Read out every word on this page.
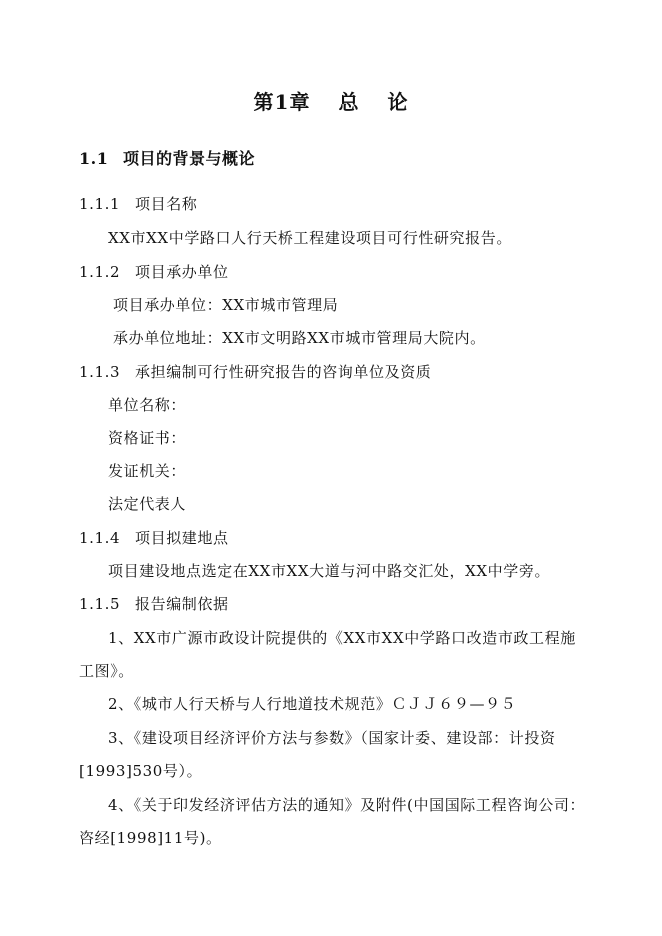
第1章 总 论
1.1 项目的背景与概论
1.1.1 项目名称
XX市XX中学路口人行天桥工程建设项目可行性研究报告。
1.1.2 项目承办单位
项目承办单位：XX市城市管理局
承办单位地址：XX市文明路XX市城市管理局大院内。
1.1.3 承担编制可行性研究报告的咨询单位及资质
单位名称：
资格证书：
发证机关：
法定代表人
1.1.4 项目拟建地点
项目建设地点选定在XX市XX大道与河中路交汇处，XX中学旁。
1.1.5 报告编制依据
1、XX市广源市政设计院提供的《XX市XX中学路口改造市政工程施
工图》。
2、《城市人行天桥与人行地道技术规范》ＣＪＪ６９—９５
3、《建设项目经济评价方法与参数》（国家计委、建设部：计投资
[1993]530号）。
4、《关于印发经济评估方法的通知》及附件(中国国际工程咨询公司：
咨经[1998]11号)。
